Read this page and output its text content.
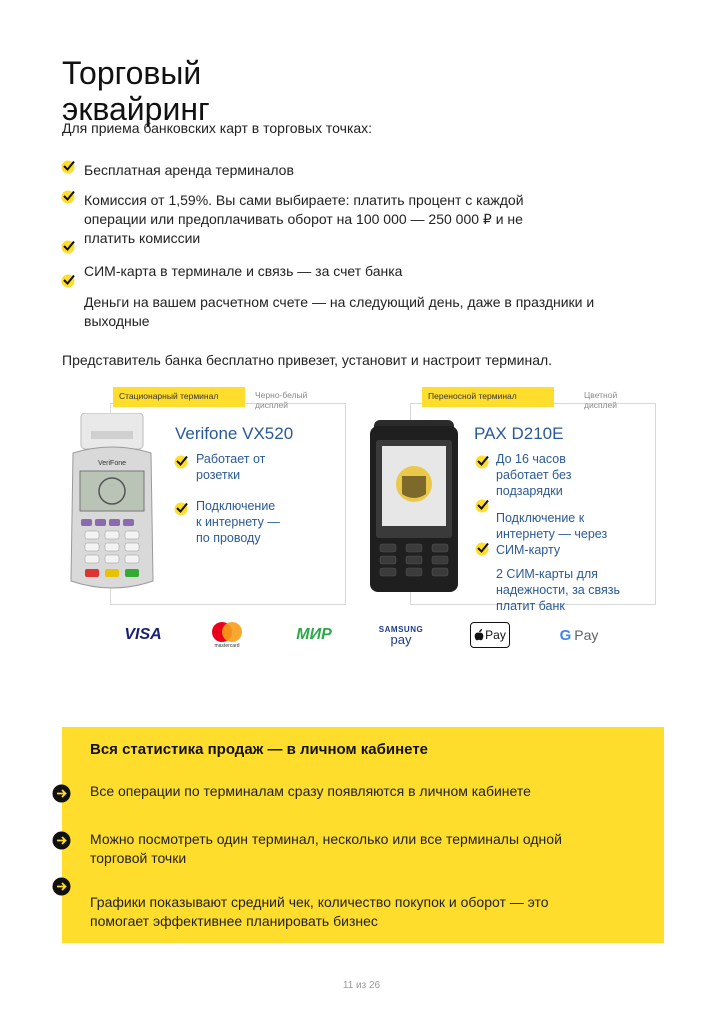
Торговый эквайринг
Для приема банковских карт в торговых точках:
Бесплатная аренда терминалов
Комиссия от 1,59%. Вы сами выбираете: платить процент с каждой операции или предоплачивать оборот на 100 000 — 250 000 ₽ и не платить комиссии
СИМ-карта в терминале и связь — за счет банка
Деньги на вашем расчетном счете — на следующий день, даже в праздники и выходные
Представитель банка бесплатно привезет, установит и настроит терминал.
Стационарный терминал	Черно-белый дисплей
VeriFone
Verifone VX520
Работает от розетки
Подключение к интернету — по проводу
Переносной терминал	Цветной дисплей
PAX D210E
До 16 часов работает без подзарядки
Подключение к интернету — через СИМ-карту
2 СИМ-карты для надежности, за связь платит банк
VISA
mastercard
МИР	SAMSUNG
pay	Pay	G Pay
Вся статистика продаж — в личном кабинете
Все операции по терминалам сразу появляются в личном кабинете
Можно посмотреть один терминал, несколько или все терминалы одной торговой точки
Графики показывают средний чек, количество покупок и оборот — это помогает эффективнее планировать бизнес
11 из 26
